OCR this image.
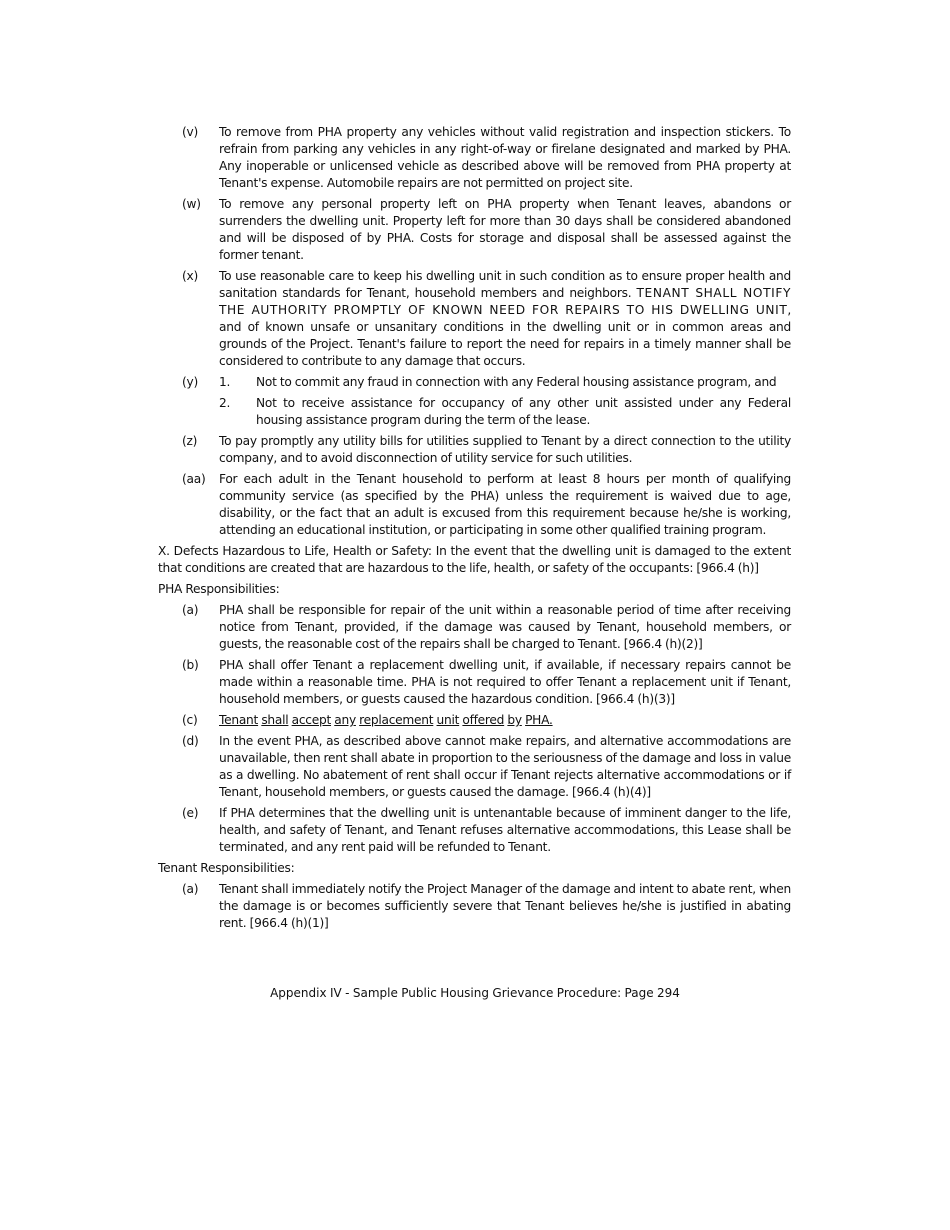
(v) To remove from PHA property any vehicles without valid registration and inspection stickers. To refrain from parking any vehicles in any right-of-way or firelane designated and marked by PHA. Any inoperable or unlicensed vehicle as described above will be removed from PHA property at Tenant's expense. Automobile repairs are not permitted on project site.
(w) To remove any personal property left on PHA property when Tenant leaves, abandons or surrenders the dwelling unit. Property left for more than 30 days shall be considered abandoned and will be disposed of by PHA. Costs for storage and disposal shall be assessed against the former tenant.
(x) To use reasonable care to keep his dwelling unit in such condition as to ensure proper health and sanitation standards for Tenant, household members and neighbors. TENANT SHALL NOTIFY THE AUTHORITY PROMPTLY OF KNOWN NEED FOR REPAIRS TO HIS DWELLING UNIT, and of known unsafe or unsanitary conditions in the dwelling unit or in common areas and grounds of the Project. Tenant's failure to report the need for repairs in a timely manner shall be considered to contribute to any damage that occurs.
(y) 1. Not to commit any fraud in connection with any Federal housing assistance program, and
2. Not to receive assistance for occupancy of any other unit assisted under any Federal housing assistance program during the term of the lease.
(z) To pay promptly any utility bills for utilities supplied to Tenant by a direct connection to the utility company, and to avoid disconnection of utility service for such utilities.
(aa) For each adult in the Tenant household to perform at least 8 hours per month of qualifying community service (as specified by the PHA) unless the requirement is waived due to age, disability, or the fact that an adult is excused from this requirement because he/she is working, attending an educational institution, or participating in some other qualified training program.
X. Defects Hazardous to Life, Health or Safety: In the event that the dwelling unit is damaged to the extent that conditions are created that are hazardous to the life, health, or safety of the occupants: [966.4 (h)]
PHA Responsibilities:
(a) PHA shall be responsible for repair of the unit within a reasonable period of time after receiving notice from Tenant, provided, if the damage was caused by Tenant, household members, or guests, the reasonable cost of the repairs shall be charged to Tenant. [966.4 (h)(2)]
(b) PHA shall offer Tenant a replacement dwelling unit, if available, if necessary repairs cannot be made within a reasonable time. PHA is not required to offer Tenant a replacement unit if Tenant, household members, or guests caused the hazardous condition. [966.4 (h)(3)]
(c) Tenant shall accept any replacement unit offered by PHA.
(d) In the event PHA, as described above cannot make repairs, and alternative accommodations are unavailable, then rent shall abate in proportion to the seriousness of the damage and loss in value as a dwelling. No abatement of rent shall occur if Tenant rejects alternative accommodations or if Tenant, household members, or guests caused the damage. [966.4 (h)(4)]
(e) If PHA determines that the dwelling unit is untenantable because of imminent danger to the life, health, and safety of Tenant, and Tenant refuses alternative accommodations, this Lease shall be terminated, and any rent paid will be refunded to Tenant.
Tenant Responsibilities:
(a) Tenant shall immediately notify the Project Manager of the damage and intent to abate rent, when the damage is or becomes sufficiently severe that Tenant believes he/she is justified in abating rent. [966.4 (h)(1)]
Appendix IV - Sample Public Housing Grievance Procedure: Page 294
